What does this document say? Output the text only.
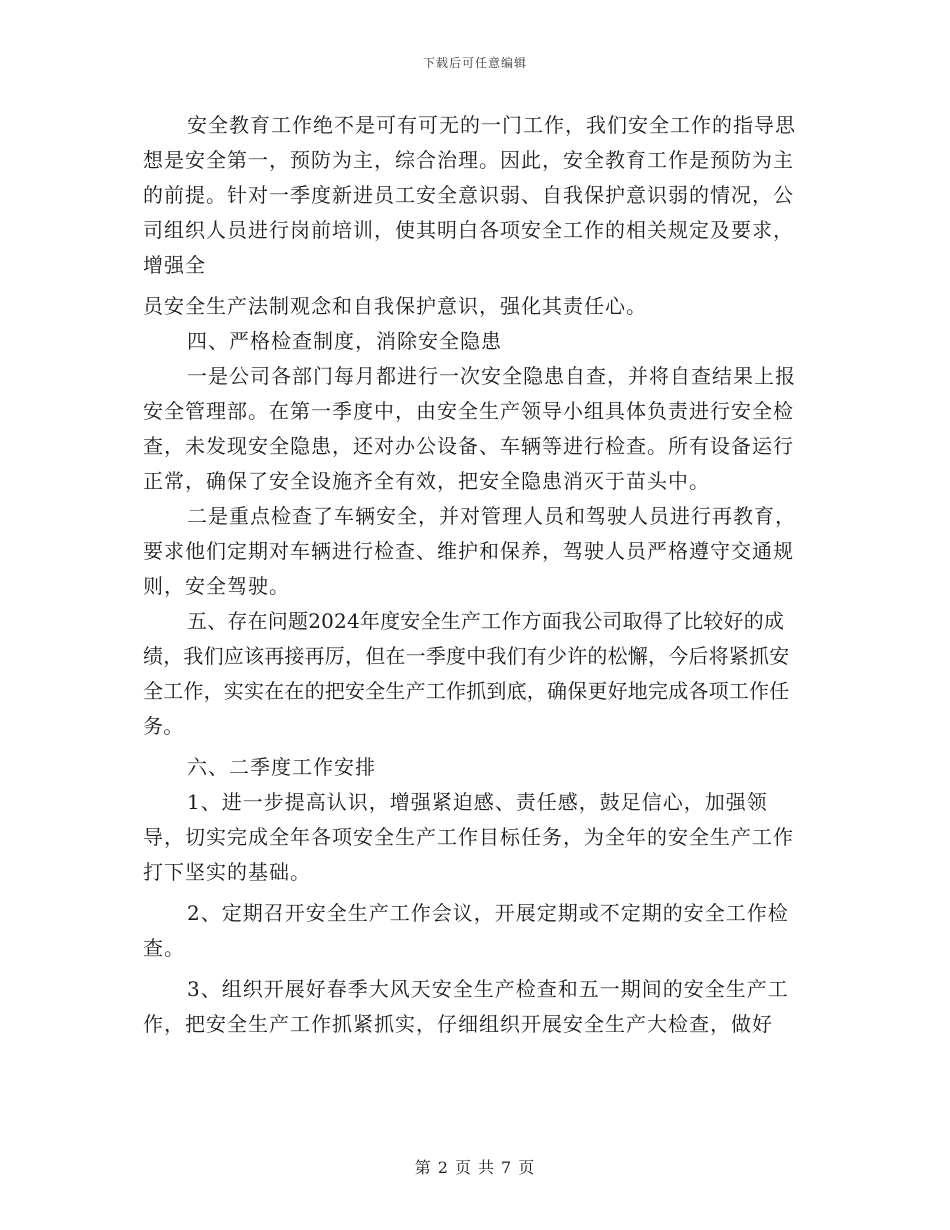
下载后可任意编辑

安全教育工作绝不是可有可无的一门工作，我们安全工作的指导思想是安全第一，预防为主，综合治理。因此，安全教育工作是预防为主的前提。针对一季度新进员工安全意识弱、自我保护意识弱的情况，公司组织人员进行岗前培训，使其明白各项安全工作的相关规定及要求，增强全

员安全生产法制观念和自我保护意识，强化其责任心。

四、严格检查制度，消除安全隐患

一是公司各部门每月都进行一次安全隐患自查，并将自查结果上报安全管理部。在第一季度中，由安全生产领导小组具体负责进行安全检查，未发现安全隐患，还对办公设备、车辆等进行检查。所有设备运行正常，确保了安全设施齐全有效，把安全隐患消灭于苗头中。

二是重点检查了车辆安全，并对管理人员和驾驶人员进行再教育，要求他们定期对车辆进行检查、维护和保养，驾驶人员严格遵守交通规则，安全驾驶。

五、存在问题2024年度安全生产工作方面我公司取得了比较好的成绩，我们应该再接再厉，但在一季度中我们有少许的松懈，今后将紧抓安全工作，实实在在的把安全生产工作抓到底，确保更好地完成各项工作任务。

六、二季度工作安排

1、进一步提高认识，增强紧迫感、责任感，鼓足信心，加强领导，切实完成全年各项安全生产工作目标任务，为全年的安全生产工作打下坚实的基础。

2、定期召开安全生产工作会议，开展定期或不定期的安全工作检查。

3、组织开展好春季大风天安全生产检查和五一期间的安全生产工作，把安全生产工作抓紧抓实，仔细组织开展安全生产大检查，做好

第 2 页 共 7 页
